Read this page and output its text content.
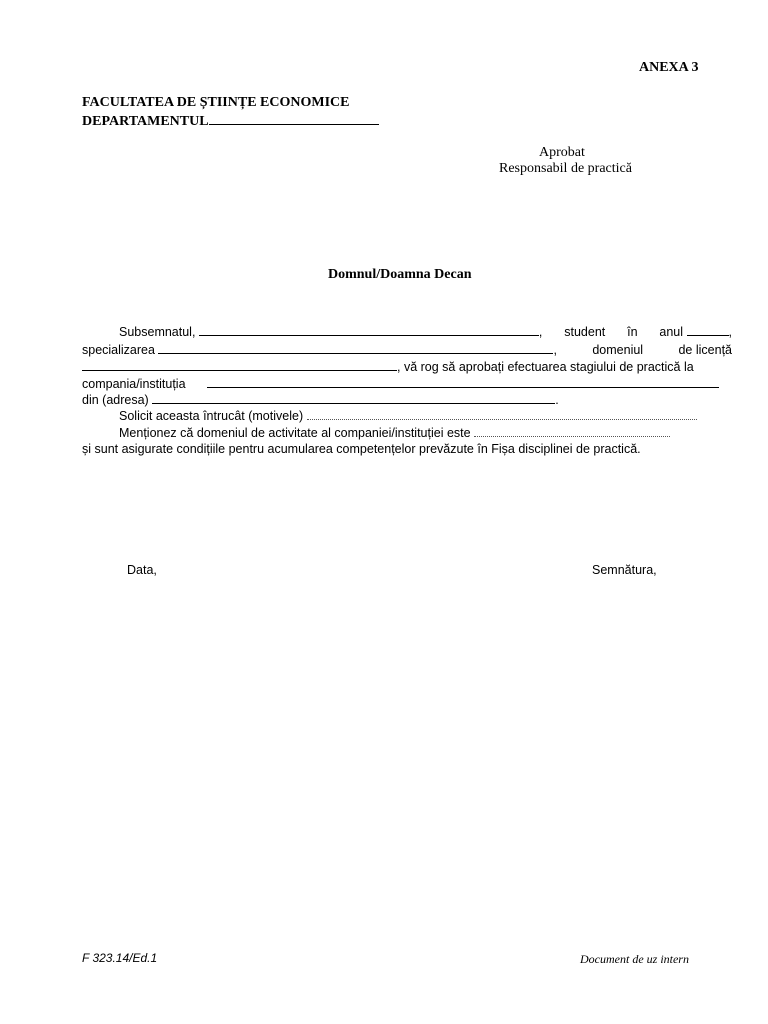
ANEXA 3
FACULTATEA DE ȘTIINȚE ECONOMICE
DEPARTAMENTUL
Aprobat
Responsabil de practică
Domnul/Doamna Decan
Subsemnatul,	, student în anul	,
specializarea	,	domeniul	de licență
, vă rog să aprobați efectuarea stagiului de practică la
compania/instituția
din (adresa)	.
Solicit aceasta întrucât (motivele)
Menționez că domeniul de activitate al companiei/instituției este
și sunt asigurate condițiile pentru acumularea competențelor prevăzute în Fișa disciplinei de practică.
Data,	Semnătura,
F 323.14/Ed.1	Document de uz intern
